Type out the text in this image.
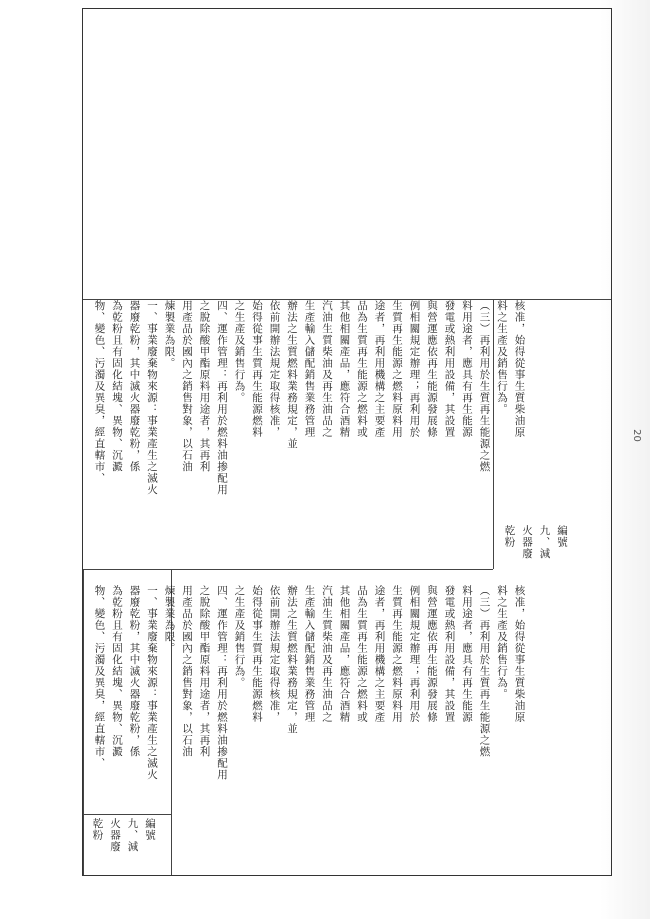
核准，始得從事生質柴油原
料之生產及銷售行為。
（三）再利用於生質再生能源之燃
料用途者，應具有再生能源
發電或熱利用設備，其設置
與營運應依再生能源發展條
例相關規定辦理；再利用於
生質再生能源之燃料原料用
途者，再利用機構之主要產
品為生質再生能源之燃料或
其他相關產品，應符合酒精
汽油生質柴油及再生油品之
生產輸入儲配銷售業務管理
辦法之生質燃料業務規定，並
依前開辦法規定取得核准，
始得從事生質再生能源燃料
之生產及銷售行為。
四、運作管理：再利用於燃料油掺配用
之脫除酸甲酯原料用途者，其再利
用產品於國內之銷售對象，以石油
煉製業為限。
一、事業廢棄物來源：事業產生之滅火
器廢乾粉，其中滅火器廢乾粉，係
為乾粉且有固化結塊、異物、沉澱
物、變色、污濁及異臭，經直轄市、
編號
九、減
火器廢
乾粉
核准，始得從事生質柴油原
料之生產及銷售行為。
（三）再利用於生質再生能源之燃
料用途者，應具有再生能源
發電或熱利用設備，其設置
與營運應依再生能源發展條
例相關規定辦理；再利用於
生質再生能源之燃料原料用
途者，再利用機構之主要產
品為生質再生能源之燃料或
其他相關產品，應符合酒精
汽油生質柴油及再生油品之
生產輸入儲配銷售業務管理
辦法之生質燃料業務規定，並
依前開辦法規定取得核准，
始得從事生質再生能源燃料
之生產及銷售行為。
四、運作管理：再利用於燃料油掺配用
之脫除酸甲酯原料用途者，其再利
用產品於國內之銷售對象，以石油
煉製業為限。
一、事業廢棄物來源：事業產生之滅火
器廢乾粉，其中滅火器廢乾粉，係
為乾粉且有固化結塊、異物、沉澱
物、變色、污濁及異臭，經直轄市、
編號
九、減
火器廢
乾粉
20
